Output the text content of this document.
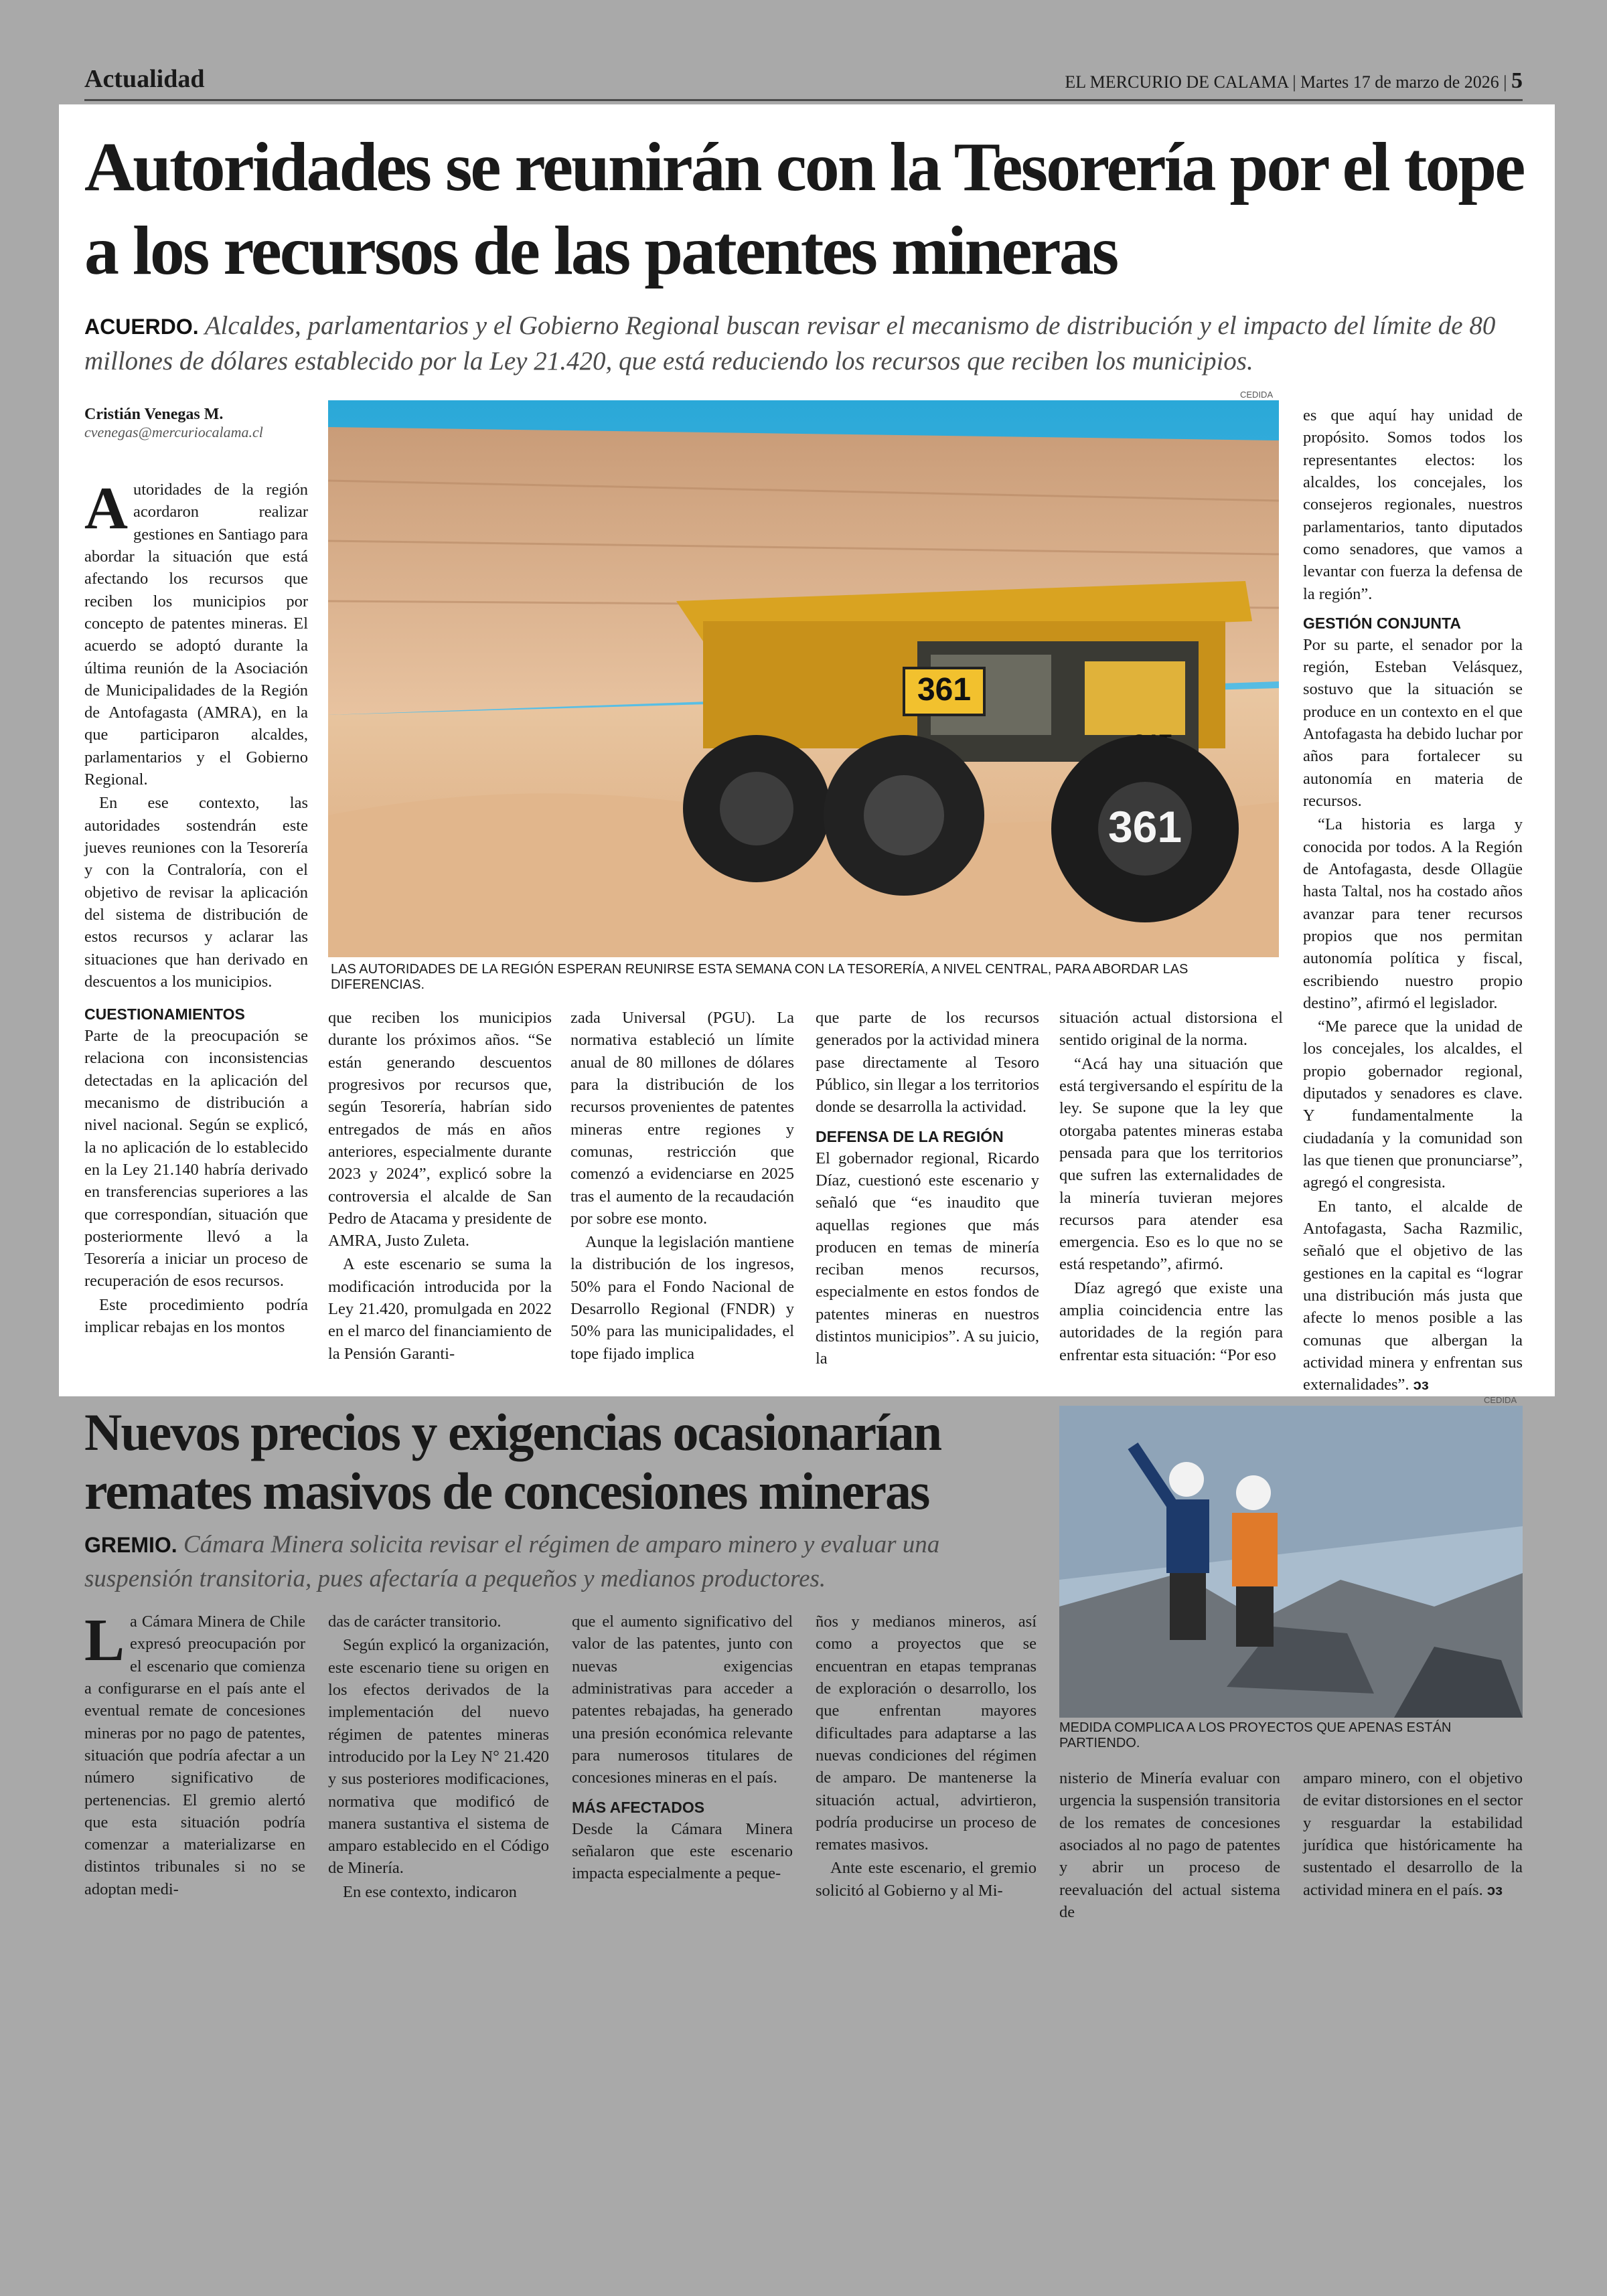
Actualidad	EL MERCURIO DE CALAMA | Martes 17 de marzo de 2026 | 5
Autoridades se reunirán con la Tesorería por el tope a los recursos de las patentes mineras
ACUERDO. Alcaldes, parlamentarios y el Gobierno Regional buscan revisar el mecanismo de distribución y el impacto del límite de 80 millones de dólares establecido por la Ley 21.420, que está reduciendo los recursos que reciben los municipios.
Cristián Venegas M.
cvenegas@mercuriocalama.cl

Autoridades de la región acordaron realizar gestiones en Santiago para abordar la situación que está afectando los recursos que reciben los municipios por concepto de patentes mineras. El acuerdo se adoptó durante la última reunión de la Asociación de Municipalidades de la Región de Antofagasta (AMRA), en la que participaron alcaldes, parlamentarios y el Gobierno Regional.

En ese contexto, las autoridades sostendrán este jueves reuniones con la Tesorería y con la Contraloría, con el objetivo de revisar la aplicación del sistema de distribución de estos recursos y aclarar las situaciones que han derivado en descuentos a los municipios.

CEDIDA
361
361
LAS AUTORIDADES DE LA REGIÓN ESPERAN REUNIRSE ESTA SEMANA CON LA TESORERÍA, A NIVEL CENTRAL, PARA ABORDAR LAS DIFERENCIAS.
CUESTIONAMIENTOS

Parte de la preocupación se relaciona con inconsistencias detectadas en la aplicación del mecanismo de distribución a nivel nacional. Según se explicó, la no aplicación de lo establecido en la Ley 21.140 habría derivado en transferencias superiores a las que correspondían, situación que posteriormente llevó a la Tesorería a iniciar un proceso de recuperación de esos recursos.

Este procedimiento podría implicar rebajas en los montos

que reciben los municipios durante los próximos años. “Se están generando descuentos progresivos por recursos que, según Tesorería, habrían sido entregados de más en años anteriores, especialmente durante 2023 y 2024”, explicó sobre la controversia el alcalde de San Pedro de Atacama y presidente de AMRA, Justo Zuleta.

A este escenario se suma la modificación introducida por la Ley 21.420, promulgada en 2022 en el marco del financiamiento de la Pensión Garanti-

zada Universal (PGU). La normativa estableció un límite anual de 80 millones de dólares para la distribución de los recursos provenientes de patentes mineras entre regiones y comunas, restricción que comenzó a evidenciarse en 2025 tras el aumento de la recaudación por sobre ese monto.

Aunque la legislación mantiene la distribución de los ingresos, 50% para el Fondo Nacional de Desarrollo Regional (FNDR) y 50% para las municipalidades, el tope fijado implica

que parte de los recursos generados por la actividad minera pase directamente al Tesoro Público, sin llegar a los territorios donde se desarrolla la actividad.

DEFENSA DE LA REGIÓN

El gobernador regional, Ricardo Díaz, cuestionó este escenario y señaló que “es inaudito que aquellas regiones que más producen en temas de minería reciban menos recursos, especialmente en estos fondos de patentes mineras en nuestros distintos municipios”. A su juicio, la

situación actual distorsiona el sentido original de la norma.

“Acá hay una situación que está tergiversando el espíritu de la ley. Se supone que la ley que otorgaba patentes mineras estaba pensada para que los territorios que sufren las externalidades de la minería tuvieran mejores recursos para atender esa emergencia. Eso es lo que no se está respetando”, afirmó.

Díaz agregó que existe una amplia coincidencia entre las autoridades de la región para enfrentar esta situación: “Por eso

es que aquí hay unidad de propósito. Somos todos los representantes electos: los alcaldes, los concejales, los consejeros regionales, nuestros parlamentarios, tanto diputados como senadores, que vamos a levantar con fuerza la defensa de la región”.

GESTIÓN CONJUNTA

Por su parte, el senador por la región, Esteban Velásquez, sostuvo que la situación se produce en un contexto en el que Antofagasta ha debido luchar por años para fortalecer su autonomía en materia de recursos.

“La historia es larga y conocida por todos. A la Región de Antofagasta, desde Ollagüe hasta Taltal, nos ha costado años avanzar para tener recursos propios que nos permitan autonomía política y fiscal, escribiendo nuestro propio destino”, afirmó el legislador.

“Me parece que la unidad de los concejales, los alcaldes, el propio gobernador regional, diputados y senadores es clave. Y fundamentalmente la ciudadanía y la comunidad son las que tienen que pronunciarse”, agregó el congresista.

En tanto, el alcalde de Antofagasta, Sacha Razmilic, señaló que el objetivo de las gestiones en la capital es “lograr una distribución más justa que afecte lo menos posible a las comunas que albergan la actividad minera y enfrentan sus externalidades”. ↄз

Nuevos precios y exigencias ocasionarían remates masivos de concesiones mineras
GREMIO. Cámara Minera solicita revisar el régimen de amparo minero y evaluar una suspensión transitoria, pues afectaría a pequeños y medianos productores.
CEDIDA
MEDIDA COMPLICA A LOS PROYECTOS QUE APENAS ESTÁN PARTIENDO.

La Cámara Minera de Chile expresó preocupación por el escenario que comienza a configurarse en el país ante el eventual remate de concesiones mineras por no pago de patentes, situación que podría afectar a un número significativo de pertenencias. El gremio alertó que esta situación podría comenzar a materializarse en distintos tribunales si no se adoptan medi-

das de carácter transitorio.

Según explicó la organización, este escenario tiene su origen en los efectos derivados de la implementación del nuevo régimen de patentes mineras introducido por la Ley N° 21.420 y sus posteriores modificaciones, normativa que modificó de manera sustantiva el sistema de amparo establecido en el Código de Minería.

En ese contexto, indicaron

que el aumento significativo del valor de las patentes, junto con nuevas exigencias administrativas para acceder a patentes rebajadas, ha generado una presión económica relevante para numerosos titulares de concesiones mineras en el país.

MÁS AFECTADOS

Desde la Cámara Minera señalaron que este escenario impacta especialmente a peque-

ños y medianos mineros, así como a proyectos que se encuentran en etapas tempranas de exploración o desarrollo, los que enfrentan mayores dificultades para adaptarse a las nuevas condiciones del régimen de amparo. De mantenerse la situación actual, advirtieron, podría producirse un proceso de remates masivos.

Ante este escenario, el gremio solicitó al Gobierno y al Mi-

nisterio de Minería evaluar con urgencia la suspensión transitoria de los remates de concesiones asociados al no pago de patentes y abrir un proceso de reevaluación del actual sistema de

amparo minero, con el objetivo de evitar distorsiones en el sector y resguardar la estabilidad jurídica que históricamente ha sustentado el desarrollo de la actividad minera en el país. ↄз
